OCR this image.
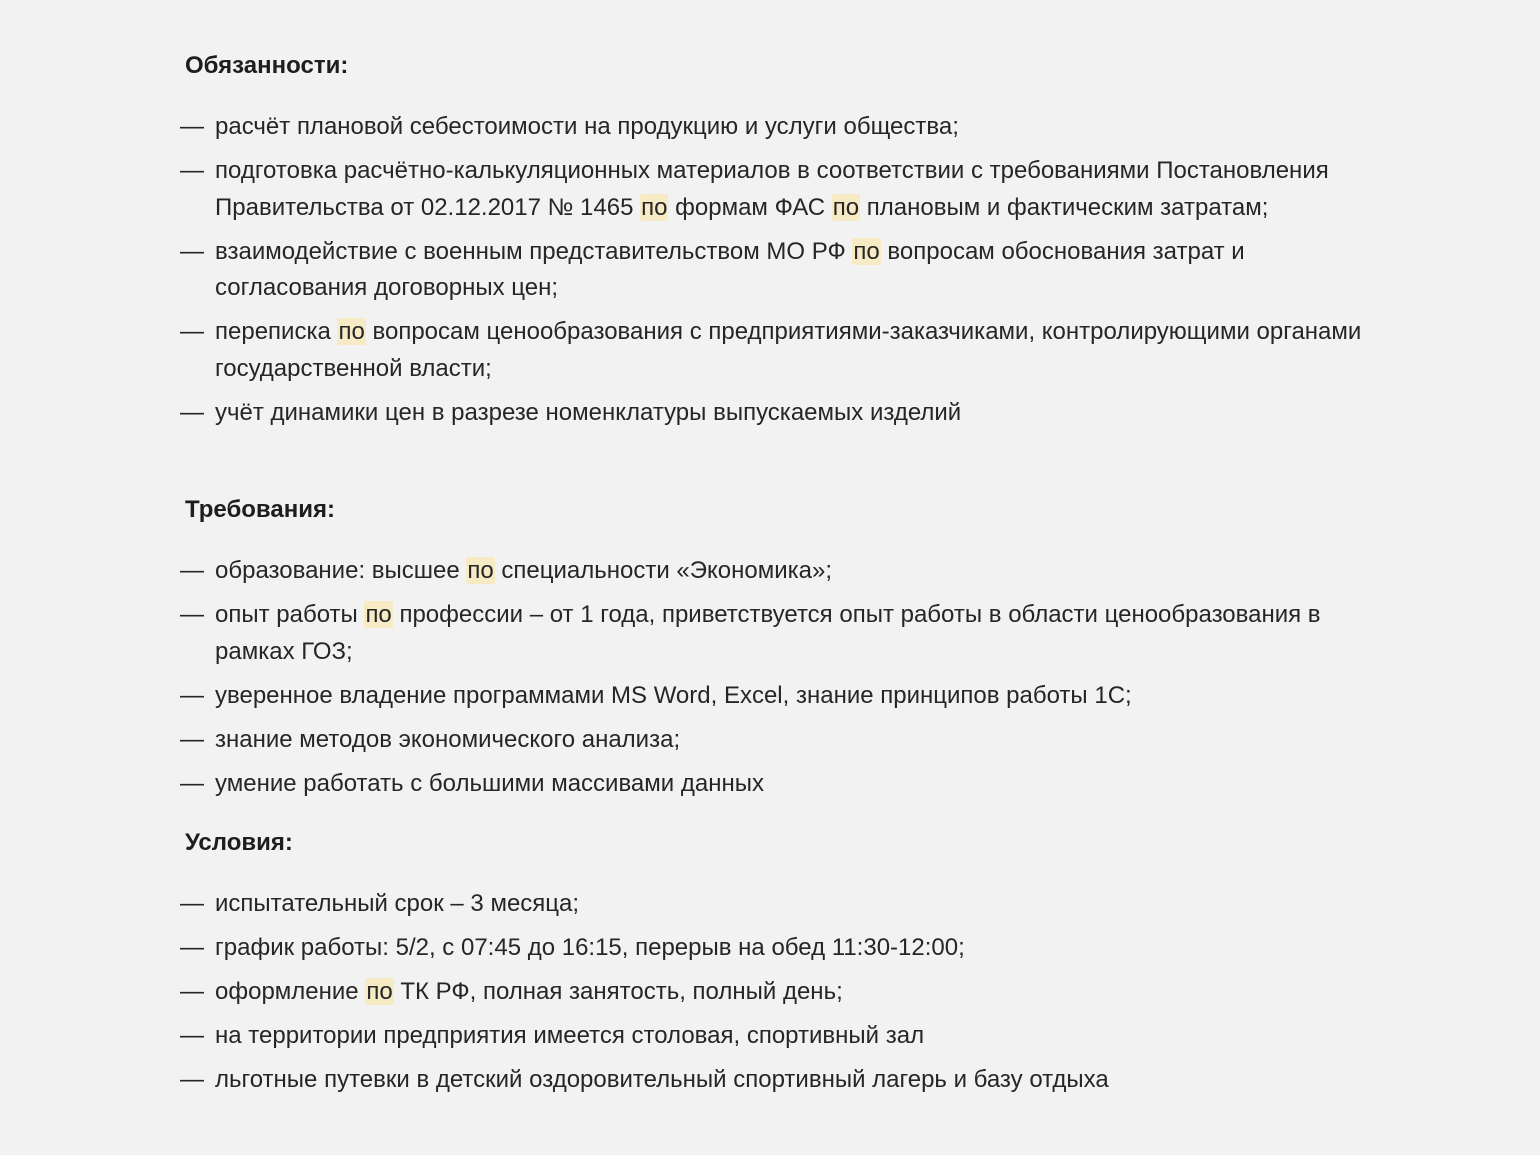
Обязанности:
— расчёт плановой себестоимости на продукцию и услуги общества;
— подготовка расчётно-калькуляционных материалов в соответствии с требованиями Постановления Правительства от 02.12.2017 № 1465 по формам ФАС по плановым и фактическим затратам;
— взаимодействие с военным представительством МО РФ по вопросам обоснования затрат и согласования договорных цен;
— переписка по вопросам ценообразования с предприятиями-заказчиками, контролирующими органами государственной власти;
— учёт динамики цен в разрезе номенклатуры выпускаемых изделий
Требования:
— образование: высшее по специальности «Экономика»;
— опыт работы по профессии – от 1 года, приветствуется опыт работы в области ценообразования в рамках ГОЗ;
— уверенное владение программами MS Word, Excel, знание принципов работы 1С;
— знание методов экономического анализа;
— умение работать с большими массивами данных
Условия:
— испытательный срок – 3 месяца;
— график работы: 5/2, с 07:45 до 16:15, перерыв на обед 11:30-12:00;
— оформление по ТК РФ, полная занятость, полный день;
— на территории предприятия имеется столовая, спортивный зал
— льготные путевки в детский оздоровительный спортивный лагерь и базу отдыха
